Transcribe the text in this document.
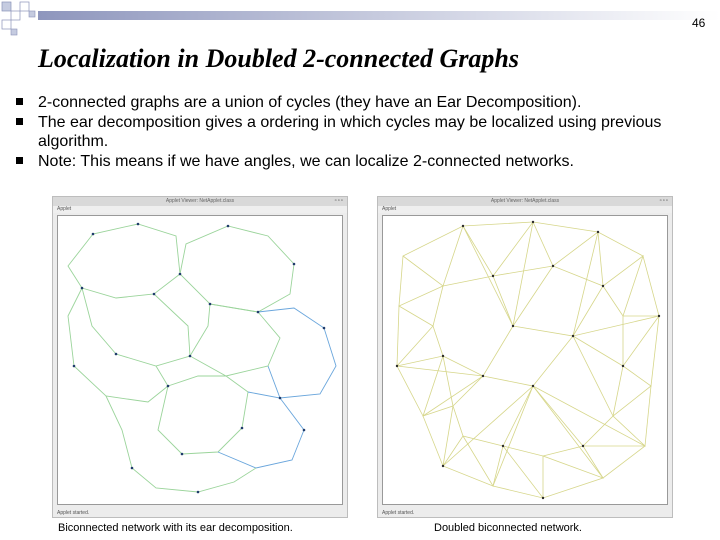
46
Localization in Doubled 2-connected Graphs
2-connected graphs are a union of cycles (they have an Ear Decomposition).
The ear decomposition gives a ordering in which cycles may be localized using previous algorithm.
Note: This means if we have angles, we can localize 2-connected networks.
Applet Viewer: NetApplet.class	▫▫▫
Applet
Applet started.
Applet Viewer: NetApplet.class	▫▫▫
Applet
Applet started.
Biconnected network with its ear decomposition.	Doubled biconnected network.
